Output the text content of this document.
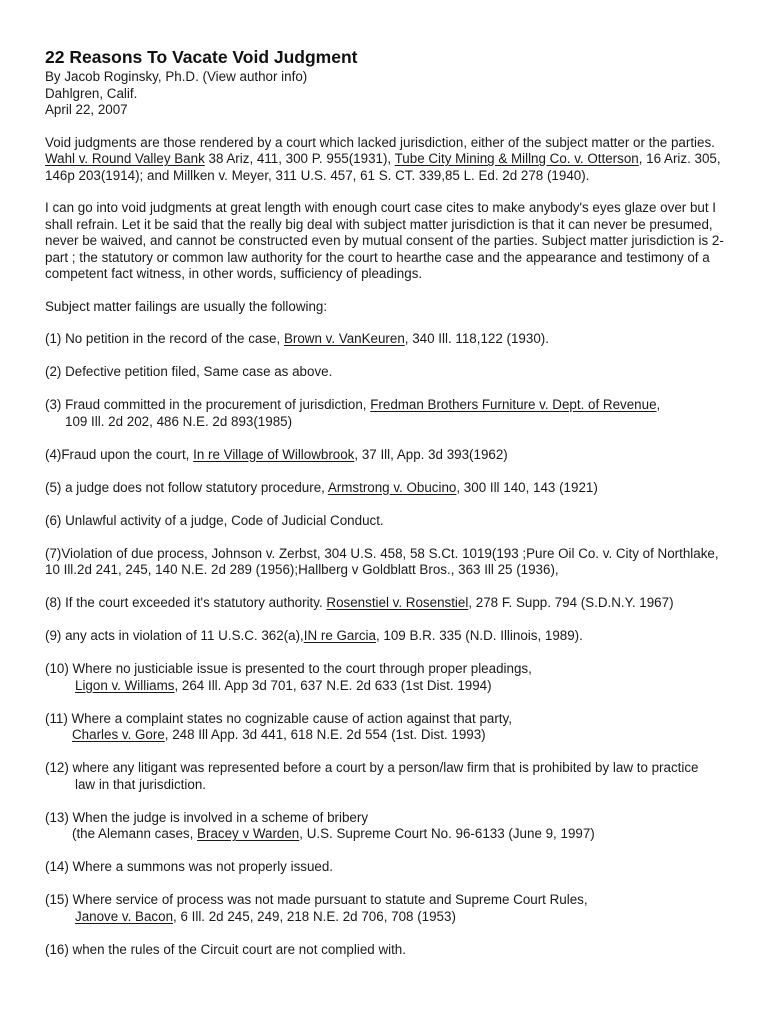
22 Reasons To Vacate Void Judgment
By Jacob Roginsky, Ph.D. (View author info)
Dahlgren, Calif.
April 22, 2007

Void judgments are those rendered by a court which lacked jurisdiction, either of the subject matter or the parties. Wahl v. Round Valley Bank 38 Ariz, 411, 300 P. 955(1931), Tube City Mining & Millng Co. v. Otterson, 16 Ariz. 305, 146p 203(1914); and Millken v. Meyer, 311 U.S. 457, 61 S. CT. 339,85 L. Ed. 2d 278 (1940).

I can go into void judgments at great length with enough court case cites to make anybody's eyes glaze over but I shall refrain. Let it be said that the really big deal with subject matter jurisdiction is that it can never be presumed, never be waived, and cannot be constructed even by mutual consent of the parties. Subject matter jurisdiction is 2-part ; the statutory or common law authority for the court to hearthe case and the appearance and testimony of a competent fact witness, in other words, sufficiency of pleadings.

Subject matter failings are usually the following:

(1) No petition in the record of the case, Brown v. VanKeuren, 340 Ill. 118,122 (1930).
(2) Defective petition filed, Same case as above.
(3) Fraud committed in the procurement of jurisdiction, Fredman Brothers Furniture v. Dept. of Revenue,
109 Ill. 2d 202, 486 N.E. 2d 893(1985)
(4)Fraud upon the court, In re Village of Willowbrook, 37 Ill, App. 3d 393(1962)
(5) a judge does not follow statutory procedure, Armstrong v. Obucino, 300 Ill 140, 143 (1921)
(6) Unlawful activity of a judge, Code of Judicial Conduct.
(7)Violation of due process, Johnson v. Zerbst, 304 U.S. 458, 58 S.Ct. 1019(193 ;Pure Oil Co. v. City of Northlake, 10 Ill.2d 241, 245, 140 N.E. 2d 289 (1956);Hallberg v Goldblatt Bros., 363 Ill 25 (1936),
(8) If the court exceeded it's statutory authority. Rosenstiel v. Rosenstiel, 278 F. Supp. 794 (S.D.N.Y. 1967)
(9) any acts in violation of 11 U.S.C. 362(a),IN re Garcia, 109 B.R. 335 (N.D. Illinois, 1989).
(10) Where no justiciable issue is presented to the court through proper pleadings,
Ligon v. Williams, 264 Ill. App 3d 701, 637 N.E. 2d 633 (1st Dist. 1994)
(11) Where a complaint states no cognizable cause of action against that party,
Charles v. Gore, 248 Ill App. 3d 441, 618 N.E. 2d 554 (1st. Dist. 1993)
(12) where any litigant was represented before a court by a person/law firm that is prohibited by law to practice
law in that jurisdiction.
(13) When the judge is involved in a scheme of bribery
(the Alemann cases, Bracey v Warden, U.S. Supreme Court No. 96-6133 (June 9, 1997)
(14) Where a summons was not properly issued.
(15) Where service of process was not made pursuant to statute and Supreme Court Rules,
Janove v. Bacon, 6 Ill. 2d 245, 249, 218 N.E. 2d 706, 708 (1953)
(16) when the rules of the Circuit court are not complied with.
